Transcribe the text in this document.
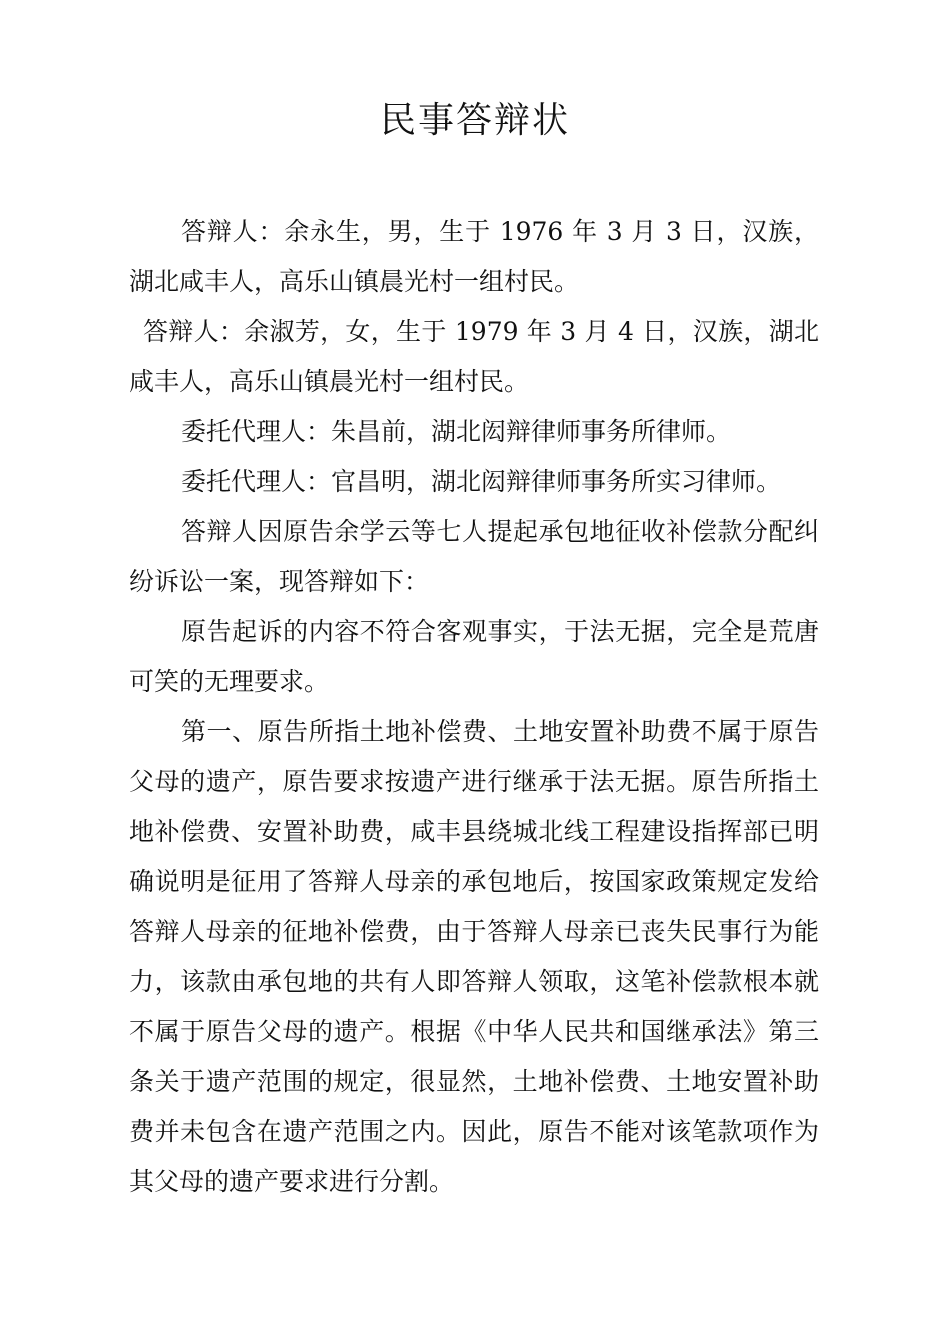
民事答辩状

答辩人：余永生，男，生于 1976 年 3 月 3 日，汉族，湖北咸丰人，高乐山镇晨光村一组村民。

答辩人：余淑芳，女，生于 1979 年 3 月 4 日，汉族，湖北咸丰人，高乐山镇晨光村一组村民。

委托代理人：朱昌前，湖北闳辩律师事务所律师。

委托代理人：官昌明，湖北闳辩律师事务所实习律师。

答辩人因原告余学云等七人提起承包地征收补偿款分配纠纷诉讼一案，现答辩如下：

原告起诉的内容不符合客观事实，于法无据，完全是荒唐可笑的无理要求。

第一、原告所指土地补偿费、土地安置补助费不属于原告父母的遗产，原告要求按遗产进行继承于法无据。原告所指土地补偿费、安置补助费，咸丰县绕城北线工程建设指挥部已明确说明是征用了答辩人母亲的承包地后，按国家政策规定发给答辩人母亲的征地补偿费，由于答辩人母亲已丧失民事行为能力，该款由承包地的共有人即答辩人领取，这笔补偿款根本就不属于原告父母的遗产。根据《中华人民共和国继承法》第三条关于遗产范围的规定，很显然，土地补偿费、土地安置补助费并未包含在遗产范围之内。因此，原告不能对该笔款项作为其父母的遗产要求进行分割。
